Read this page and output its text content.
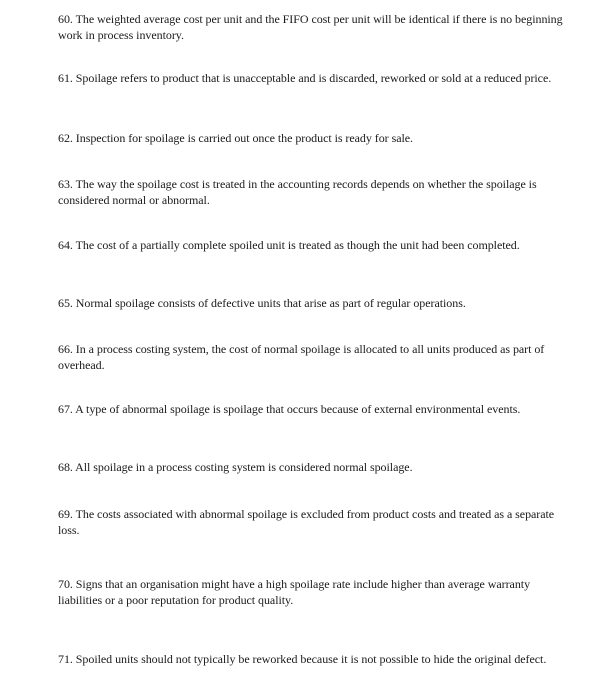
60. The weighted average cost per unit and the FIFO cost per unit will be identical if there is no beginning work in process inventory.

61. Spoilage refers to product that is unacceptable and is discarded, reworked or sold at a reduced price.

62. Inspection for spoilage is carried out once the product is ready for sale.

63. The way the spoilage cost is treated in the accounting records depends on whether the spoilage is considered normal or abnormal.

64. The cost of a partially complete spoiled unit is treated as though the unit had been completed.

65. Normal spoilage consists of defective units that arise as part of regular operations.

66. In a process costing system, the cost of normal spoilage is allocated to all units produced as part of overhead.

67. A type of abnormal spoilage is spoilage that occurs because of external environmental events.

68. All spoilage in a process costing system is considered normal spoilage.

69. The costs associated with abnormal spoilage is excluded from product costs and treated as a separate loss.

70. Signs that an organisation might have a high spoilage rate include higher than average warranty liabilities or a poor reputation for product quality.

71. Spoiled units should not typically be reworked because it is not possible to hide the original defect.
